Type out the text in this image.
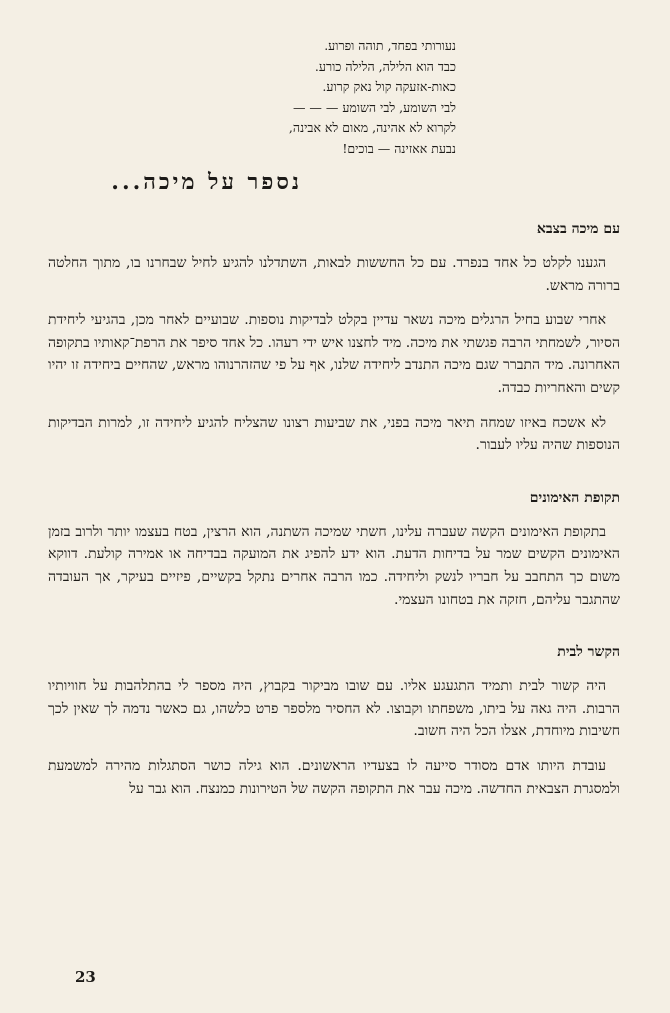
נעורותי בפחד, תוהה ופרוע.
כבד הוא הלילה, הלילה כורע.
כאות-אזעקה קול נאק קרוע.
לבי השומע, לבי השומע — — —
לקרוא לא אהינה, מאום לא אבינה,
נבעת אאזינה — בוכים!
נספר על מיכה...
עם מיכה בצבא

הגענו לקלט כל אחד בנפרד. עם כל החששות לבאות, השתדלנו להגיע לחיל שבחרנו בו, מתוך החלטה ברורה מראש.

אחרי שבוע בחיל הרגלים מיכה נשאר עדיין בקלט לבדיקות נוספות. שבועיים לאחר מכן, בהגיעי ליחידת הסיור, לשמחתי הרבה פגשתי את מיכה. מיד לחצנו איש ידי רעהו. כל אחד סיפר את הרפת־קאותיו בתקופה האחרונה. מיד התברר שגם מיכה התנדב ליחידה שלנו, אף על פי שהזהרנוהו מראש, שהחיים ביחידה זו יהיו קשים והאחריות כבדה.

לא אשכח באיזו שמחה תיאר מיכה בפני, את שביעות רצונו שהצליח להגיע ליחידה זו, למרות הבדיקות הנוספות שהיה עליו לעבור.

תקופת האימונים

בתקופת האימונים הקשה שעברה עלינו, חשתי שמיכה השתנה, הוא הרצין, בטח בעצמו יותר ולרוב בזמן האימונים הקשים שמר על בדיחות הדעת. הוא ידע להפיג את המועקה בבדיחה או אמירה קולעת. דווקא משום כך התחבב על חבריו לנשק וליחידה. כמו הרבה אחרים נתקל בקשיים, פיזיים בעיקר, אך העובדה שהתגבר עליהם, חזקה את בטחונו העצמי.

הקשר לבית

היה קשור לבית ותמיד התגעגע אליו. עם שובו מביקור בקבוץ, היה מספר לי בהתלהבות על חוויותיו הרבות. היה גאה על ביתו, משפחתו וקבוצו. לא החסיר מלספר פרט כלשהו, גם כאשר נדמה לך שאין לכך חשיבות מיוחדת, אצלו הכל היה חשוב.

עובדת היותו אדם מסודר סייעה לו בצעדיו הראשונים. הוא גילה כושר הסתגלות מהירה למשמעת ולמסגרת הצבאית החדשה. מיכה עבר את התקופה הקשה של הטירונות כמנצח. הוא גבר על

23
